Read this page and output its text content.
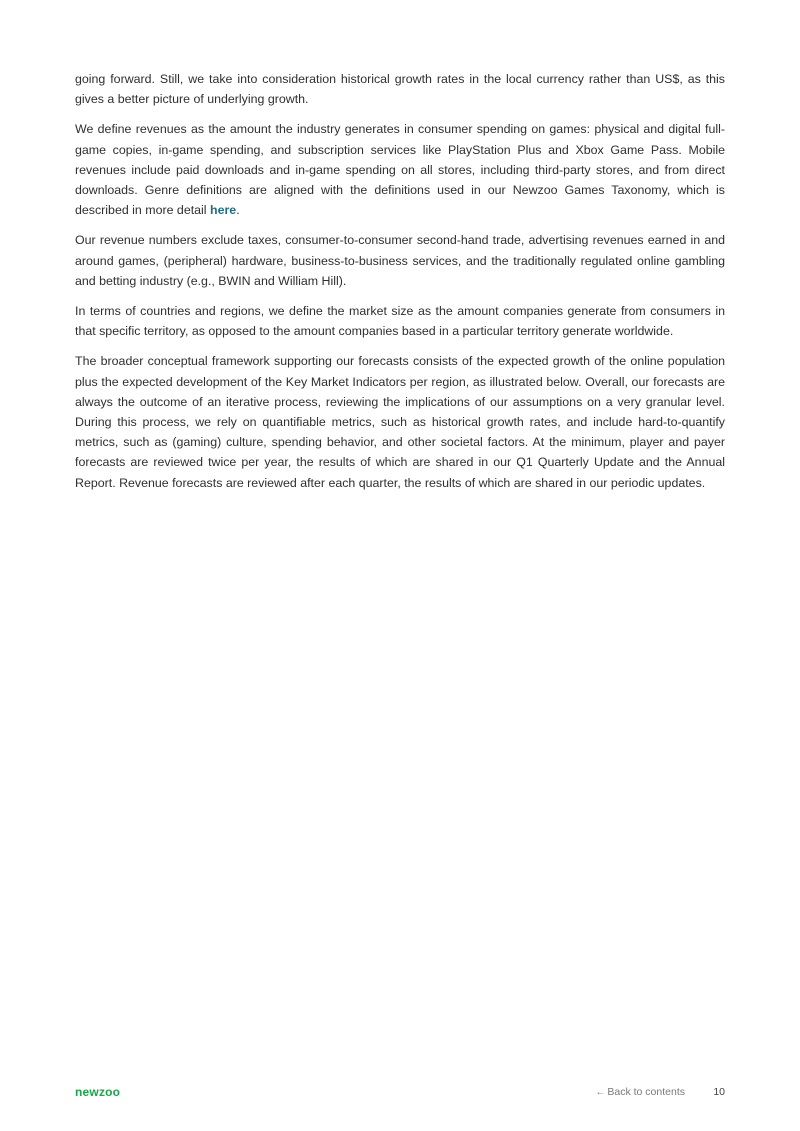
going forward. Still, we take into consideration historical growth rates in the local currency rather than US$, as this gives a better picture of underlying growth.

We define revenues as the amount the industry generates in consumer spending on games: physical and digital full-game copies, in-game spending, and subscription services like PlayStation Plus and Xbox Game Pass. Mobile revenues include paid downloads and in-game spending on all stores, including third-party stores, and from direct downloads. Genre definitions are aligned with the definitions used in our Newzoo Games Taxonomy, which is described in more detail here.

Our revenue numbers exclude taxes, consumer-to-consumer second-hand trade, advertising revenues earned in and around games, (peripheral) hardware, business-to-business services, and the traditionally regulated online gambling and betting industry (e.g., BWIN and William Hill).

In terms of countries and regions, we define the market size as the amount companies generate from consumers in that specific territory, as opposed to the amount companies based in a particular territory generate worldwide.

The broader conceptual framework supporting our forecasts consists of the expected growth of the online population plus the expected development of the Key Market Indicators per region, as illustrated below. Overall, our forecasts are always the outcome of an iterative process, reviewing the implications of our assumptions on a very granular level. During this process, we rely on quantifiable metrics, such as historical growth rates, and include hard-to-quantify metrics, such as (gaming) culture, spending behavior, and other societal factors. At the minimum, player and payer forecasts are reviewed twice per year, the results of which are shared in our Q1 Quarterly Update and the Annual Report. Revenue forecasts are reviewed after each quarter, the results of which are shared in our periodic updates.

newzoo	← Back to contents	10
